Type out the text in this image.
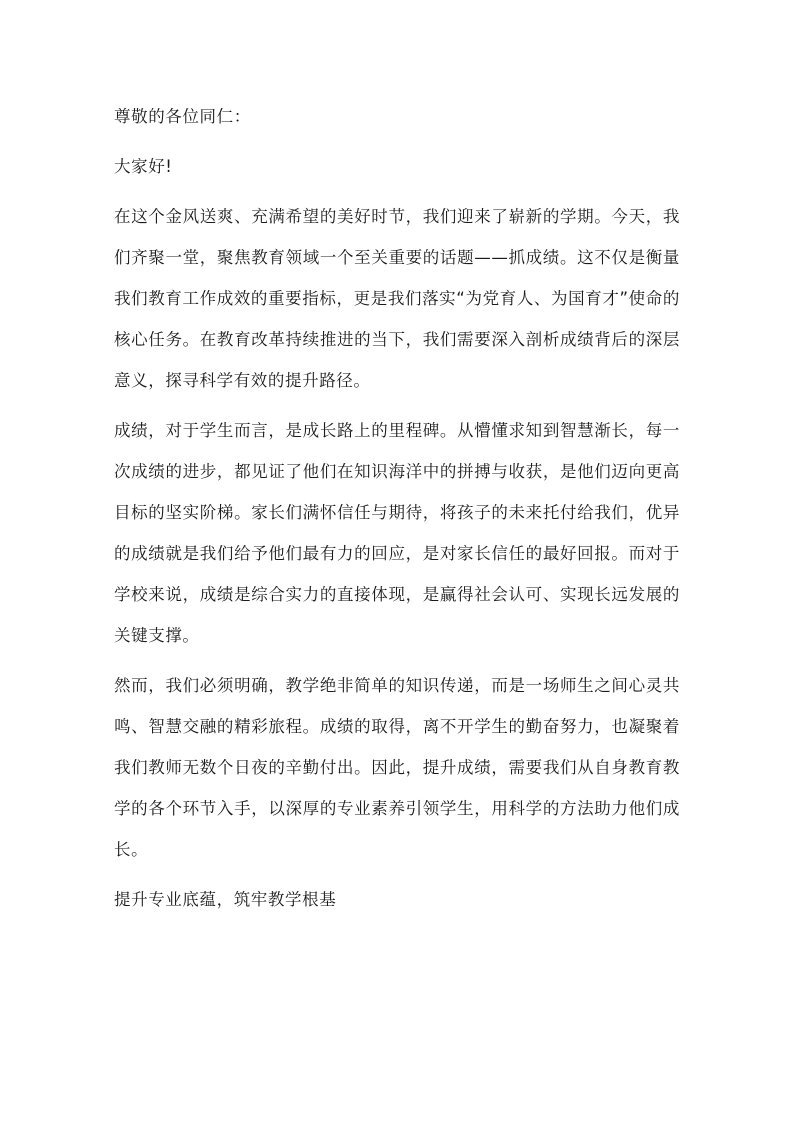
尊敬的各位同仁：

大家好!

在这个金风送爽、充满希望的美好时节，我们迎来了崭新的学期。今天，我们齐聚一堂，聚焦教育领域一个至关重要的话题——抓成绩。这不仅是衡量我们教育工作成效的重要指标，更是我们落实“为党育人、为国育才”使命的核心任务。在教育改革持续推进的当下，我们需要深入剖析成绩背后的深层意义，探寻科学有效的提升路径。

成绩，对于学生而言，是成长路上的里程碑。从懵懂求知到智慧渐长，每一次成绩的进步，都见证了他们在知识海洋中的拼搏与收获，是他们迈向更高目标的坚实阶梯。家长们满怀信任与期待，将孩子的未来托付给我们，优异的成绩就是我们给予他们最有力的回应，是对家长信任的最好回报。而对于学校来说，成绩是综合实力的直接体现，是赢得社会认可、实现长远发展的关键支撑。

然而，我们必须明确，教学绝非简单的知识传递，而是一场师生之间心灵共鸣、智慧交融的精彩旅程。成绩的取得，离不开学生的勤奋努力，也凝聚着我们教师无数个日夜的辛勤付出。因此，提升成绩，需要我们从自身教育教学的各个环节入手，以深厚的专业素养引领学生，用科学的方法助力他们成长。

提升专业底蕴，筑牢教学根基
